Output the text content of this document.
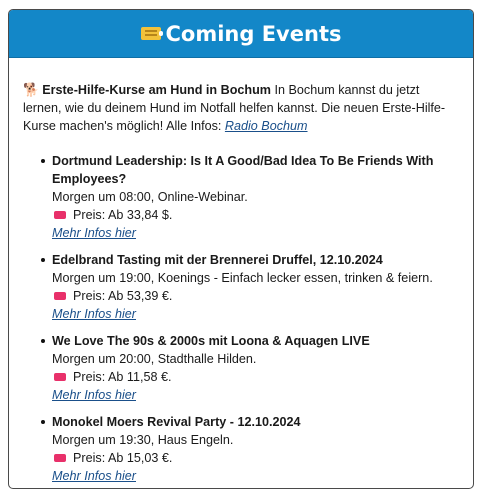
Coming Events
🐕 Erste-Hilfe-Kurse am Hund in Bochum In Bochum kannst du jetzt lernen, wie du deinem Hund im Notfall helfen kannst. Die neuen Erste-Hilfe-Kurse machen's möglich! Alle Infos: Radio Bochum
Dortmund Leadership: Is It A Good/Bad Idea To Be Friends With Employees?
Morgen um 08:00, Online-Webinar.
Preis: Ab 33,84 $.
Mehr Infos hier
Edelbrand Tasting mit der Brennerei Druffel, 12.10.2024
Morgen um 19:00, Koenings - Einfach lecker essen, trinken & feiern.
Preis: Ab 53,39 €.
Mehr Infos hier
We Love The 90s & 2000s mit Loona & Aquagen LIVE
Morgen um 20:00, Stadthalle Hilden.
Preis: Ab 11,58 €.
Mehr Infos hier
Monokel Moers Revival Party - 12.10.2024
Morgen um 19:30, Haus Engeln.
Preis: Ab 15,03 €.
Mehr Infos hier
